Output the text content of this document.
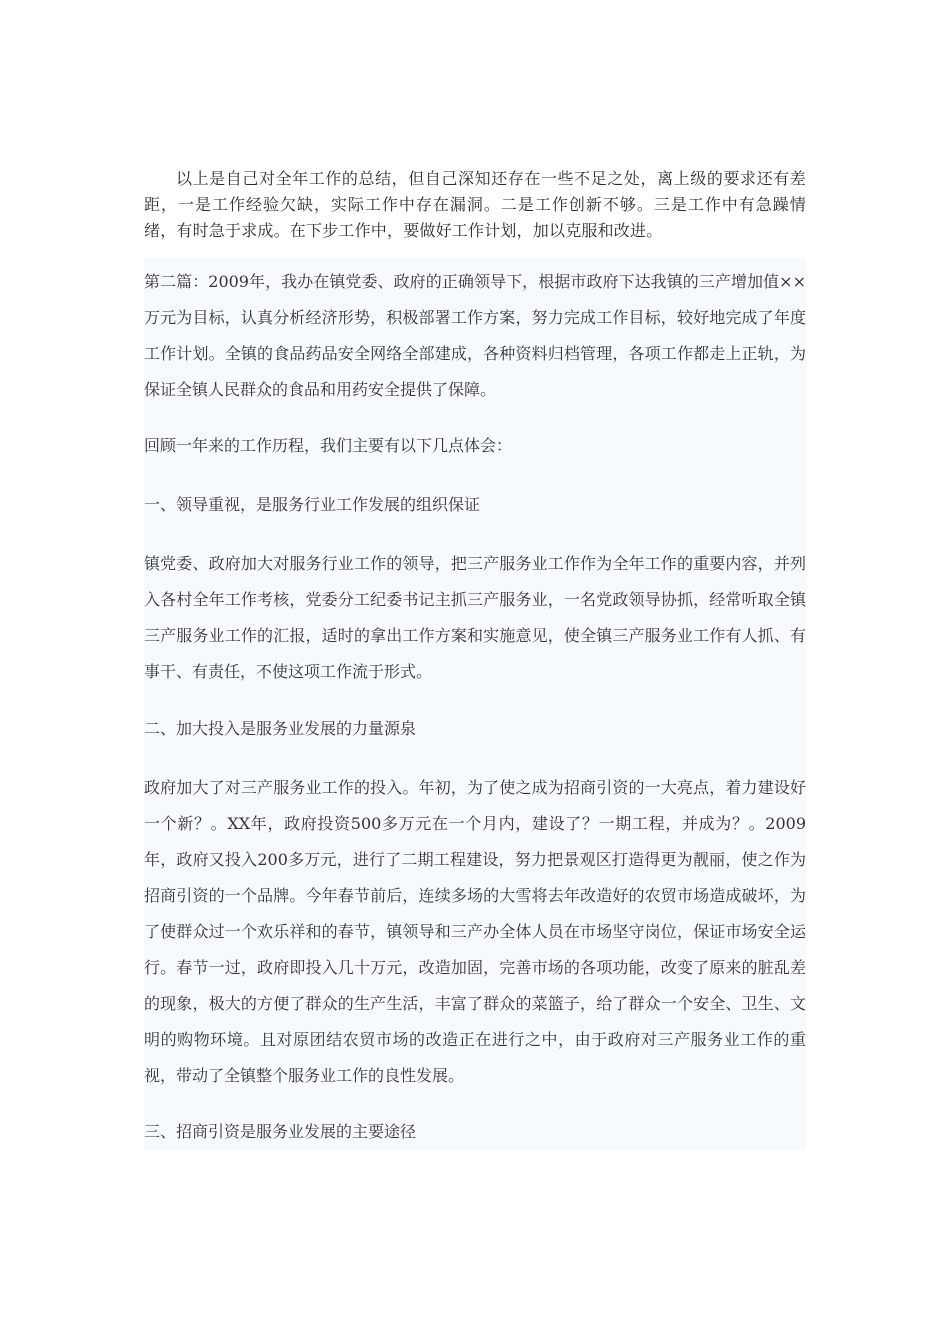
以上是自己对全年工作的总结，但自己深知还存在一些不足之处，离上级的要求还有差距，一是工作经验欠缺，实际工作中存在漏洞。二是工作创新不够。三是工作中有急躁情绪，有时急于求成。在下步工作中，要做好工作计划，加以克服和改进。

第二篇：2009年，我办在镇党委、政府的正确领导下，根据市政府下达我镇的三产增加值××万元为目标，认真分析经济形势，积极部署工作方案，努力完成工作目标，较好地完成了年度工作计划。全镇的食品药品安全网络全部建成，各种资料归档管理，各项工作都走上正轨，为保证全镇人民群众的食品和用药安全提供了保障。

回顾一年来的工作历程，我们主要有以下几点体会：

一、领导重视，是服务行业工作发展的组织保证

镇党委、政府加大对服务行业工作的领导，把三产服务业工作作为全年工作的重要内容，并列入各村全年工作考核，党委分工纪委书记主抓三产服务业，一名党政领导协抓，经常听取全镇三产服务业工作的汇报，适时的拿出工作方案和实施意见，使全镇三产服务业工作有人抓、有事干、有责任，不使这项工作流于形式。

二、加大投入是服务业发展的力量源泉

政府加大了对三产服务业工作的投入。年初，为了使之成为招商引资的一大亮点，着力建设好一个新？。XX年，政府投资500多万元在一个月内，建设了？一期工程，并成为？。2009年，政府又投入200多万元，进行了二期工程建设，努力把景观区打造得更为靓丽，使之作为招商引资的一个品牌。今年春节前后，连续多场的大雪将去年改造好的农贸市场造成破坏，为了使群众过一个欢乐祥和的春节，镇领导和三产办全体人员在市场坚守岗位，保证市场安全运行。春节一过，政府即投入几十万元，改造加固，完善市场的各项功能，改变了原来的脏乱差的现象，极大的方便了群众的生产生活，丰富了群众的菜篮子，给了群众一个安全、卫生、文明的购物环境。且对原团结农贸市场的改造正在进行之中，由于政府对三产服务业工作的重视，带动了全镇整个服务业工作的良性发展。

三、招商引资是服务业发展的主要途径
